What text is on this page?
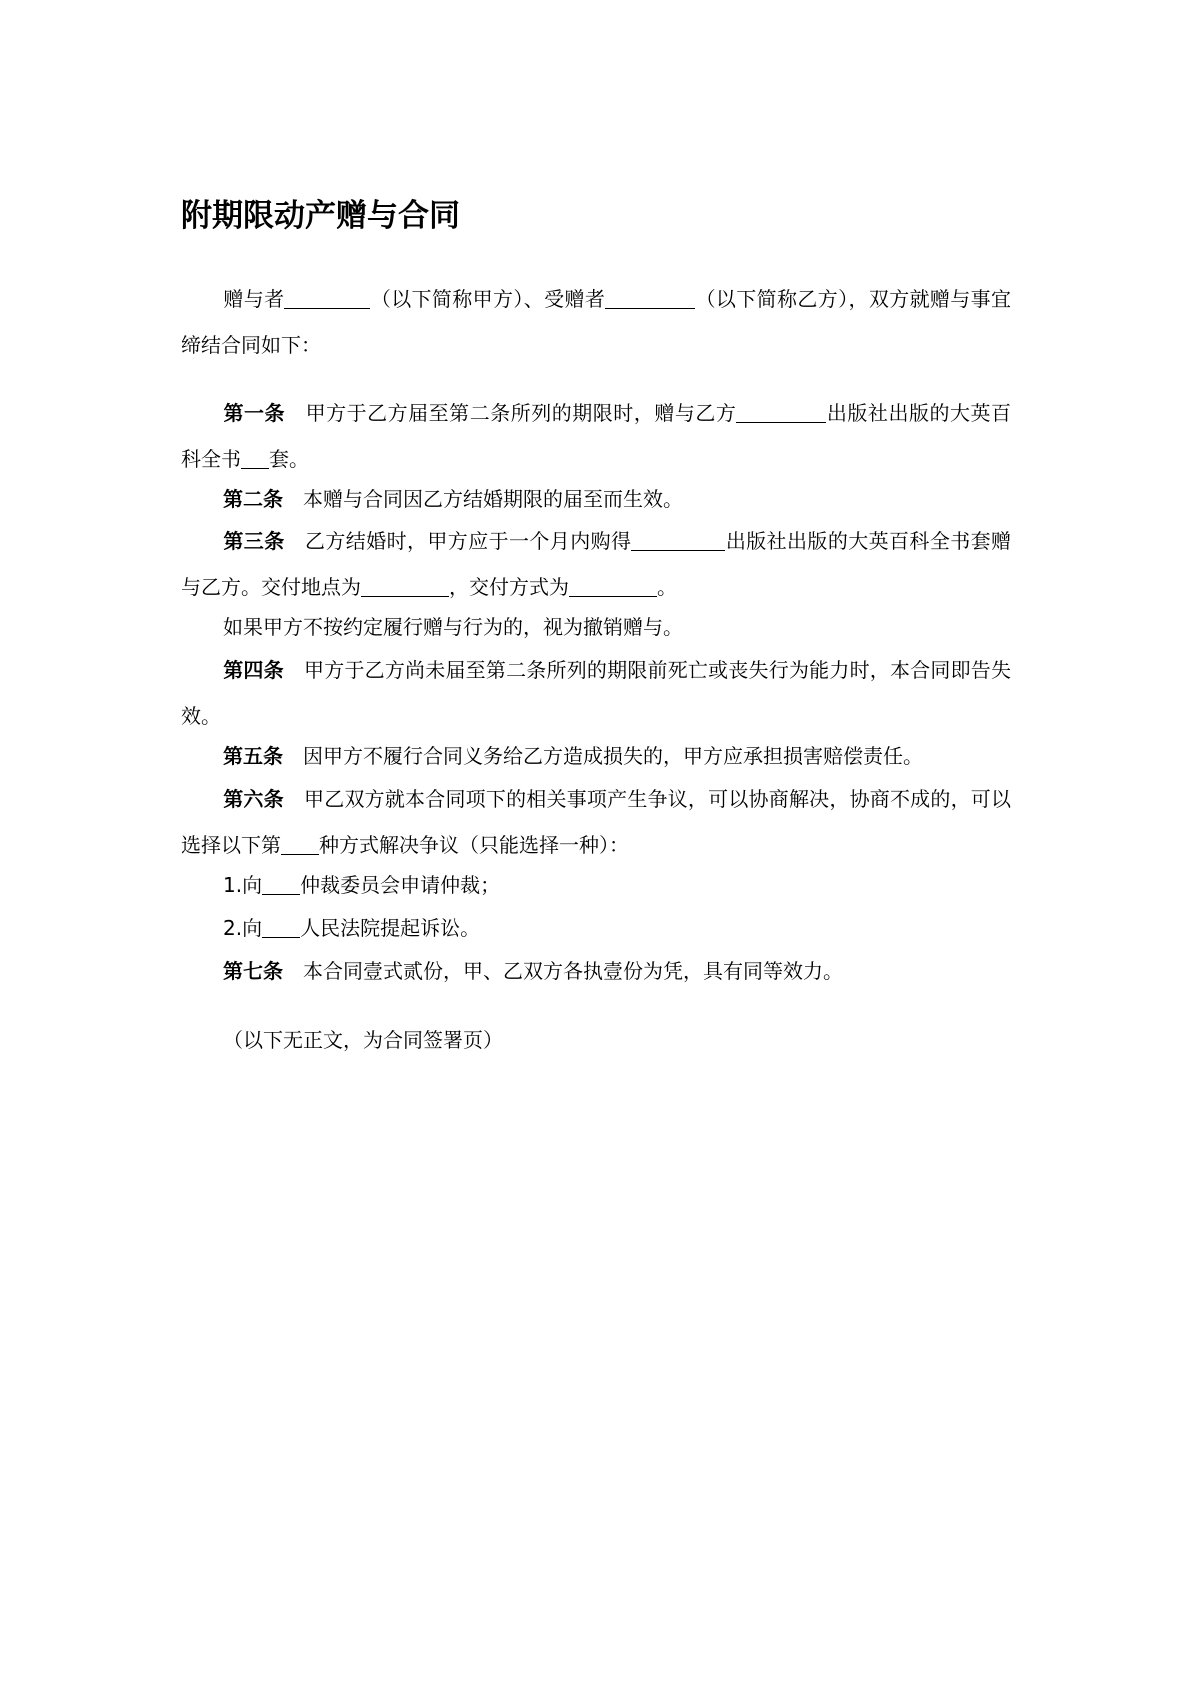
附期限动产赠与合同
赠与者	（以下简称甲方）、受赠者	（以下简称乙方），双方就赠与事宜缔结合同如下：
第一条 甲方于乙方届至第二条所列的期限时，赠与乙方	出版社出版的大英百科全书 套。
第二条 本赠与合同因乙方结婚期限的届至而生效。
第三条 乙方结婚时，甲方应于一个月内购得	出版社出版的大英百科全书套赠与乙方。交付地点为	，交付方式为	。
如果甲方不按约定履行赠与行为的，视为撤销赠与。
第四条 甲方于乙方尚未届至第二条所列的期限前死亡或丧失行为能力时，本合同即告失效。
第五条 因甲方不履行合同义务给乙方造成损失的，甲方应承担损害赔偿责任。
第六条 甲乙双方就本合同项下的相关事项产生争议，可以协商解决，协商不成的，可以选择以下第 种方式解决争议（只能选择一种）：
1.向 仲裁委员会申请仲裁；
2.向 人民法院提起诉讼。
第七条 本合同壹式贰份，甲、乙双方各执壹份为凭，具有同等效力。
（以下无正文，为合同签署页）
